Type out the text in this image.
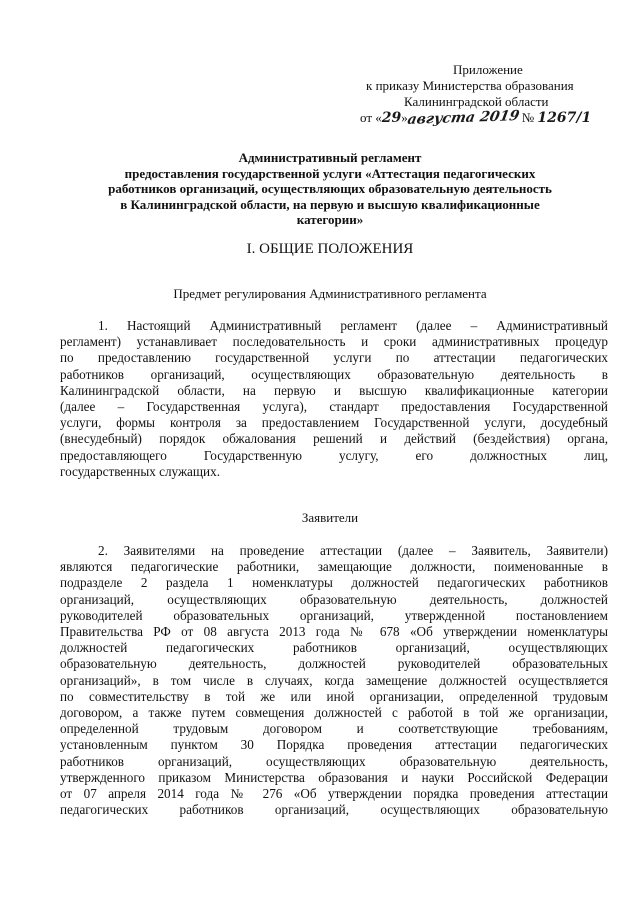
Приложение
к приказу Министерства образования
Калининградской области
от «29»августа 2019 № 1267/1
Административный регламент
предоставления государственной услуги «Аттестация педагогических
работников организаций, осуществляющих образовательную деятельность
в Калининградской области, на первую и высшую квалификационные
категории»
I. ОБЩИЕ ПОЛОЖЕНИЯ
Предмет регулирования Административного регламента
1. Настоящий Административный регламент (далее – Административный
регламент) устанавливает последовательность и сроки административных процедур
по предоставлению государственной услуги по аттестации педагогических
работников организаций, осуществляющих образовательную деятельность в
Калининградской области, на первую и высшую квалификационные категории
(далее – Государственная услуга), стандарт предоставления Государственной
услуги, формы контроля за предоставлением Государственной услуги, досудебный
(внесудебный) порядок обжалования решений и действий (бездействия) органа,
предоставляющего Государственную услугу, его должностных лиц,
государственных служащих.
Заявители
2. Заявителями на проведение аттестации (далее – Заявитель, Заявители)
являются педагогические работники, замещающие должности, поименованные в
подразделе 2 раздела 1 номенклатуры должностей педагогических работников
организаций, осуществляющих образовательную деятельность, должностей
руководителей образовательных организаций, утвержденной постановлением
Правительства РФ от 08 августа 2013 года № 678 «Об утверждении номенклатуры
должностей педагогических работников организаций, осуществляющих
образовательную деятельность, должностей руководителей образовательных
организаций», в том числе в случаях, когда замещение должностей осуществляется
по совместительству в той же или иной организации, определенной трудовым
договором, а также путем совмещения должностей с работой в той же организации,
определенной трудовым договором и соответствующие требованиям,
установленным пунктом 30 Порядка проведения аттестации педагогических
работников организаций, осуществляющих образовательную деятельность,
утвержденного приказом Министерства образования и науки Российской Федерации
от 07 апреля 2014 года № 276 «Об утверждении порядка проведения аттестации
педагогических работников организаций, осуществляющих образовательную
